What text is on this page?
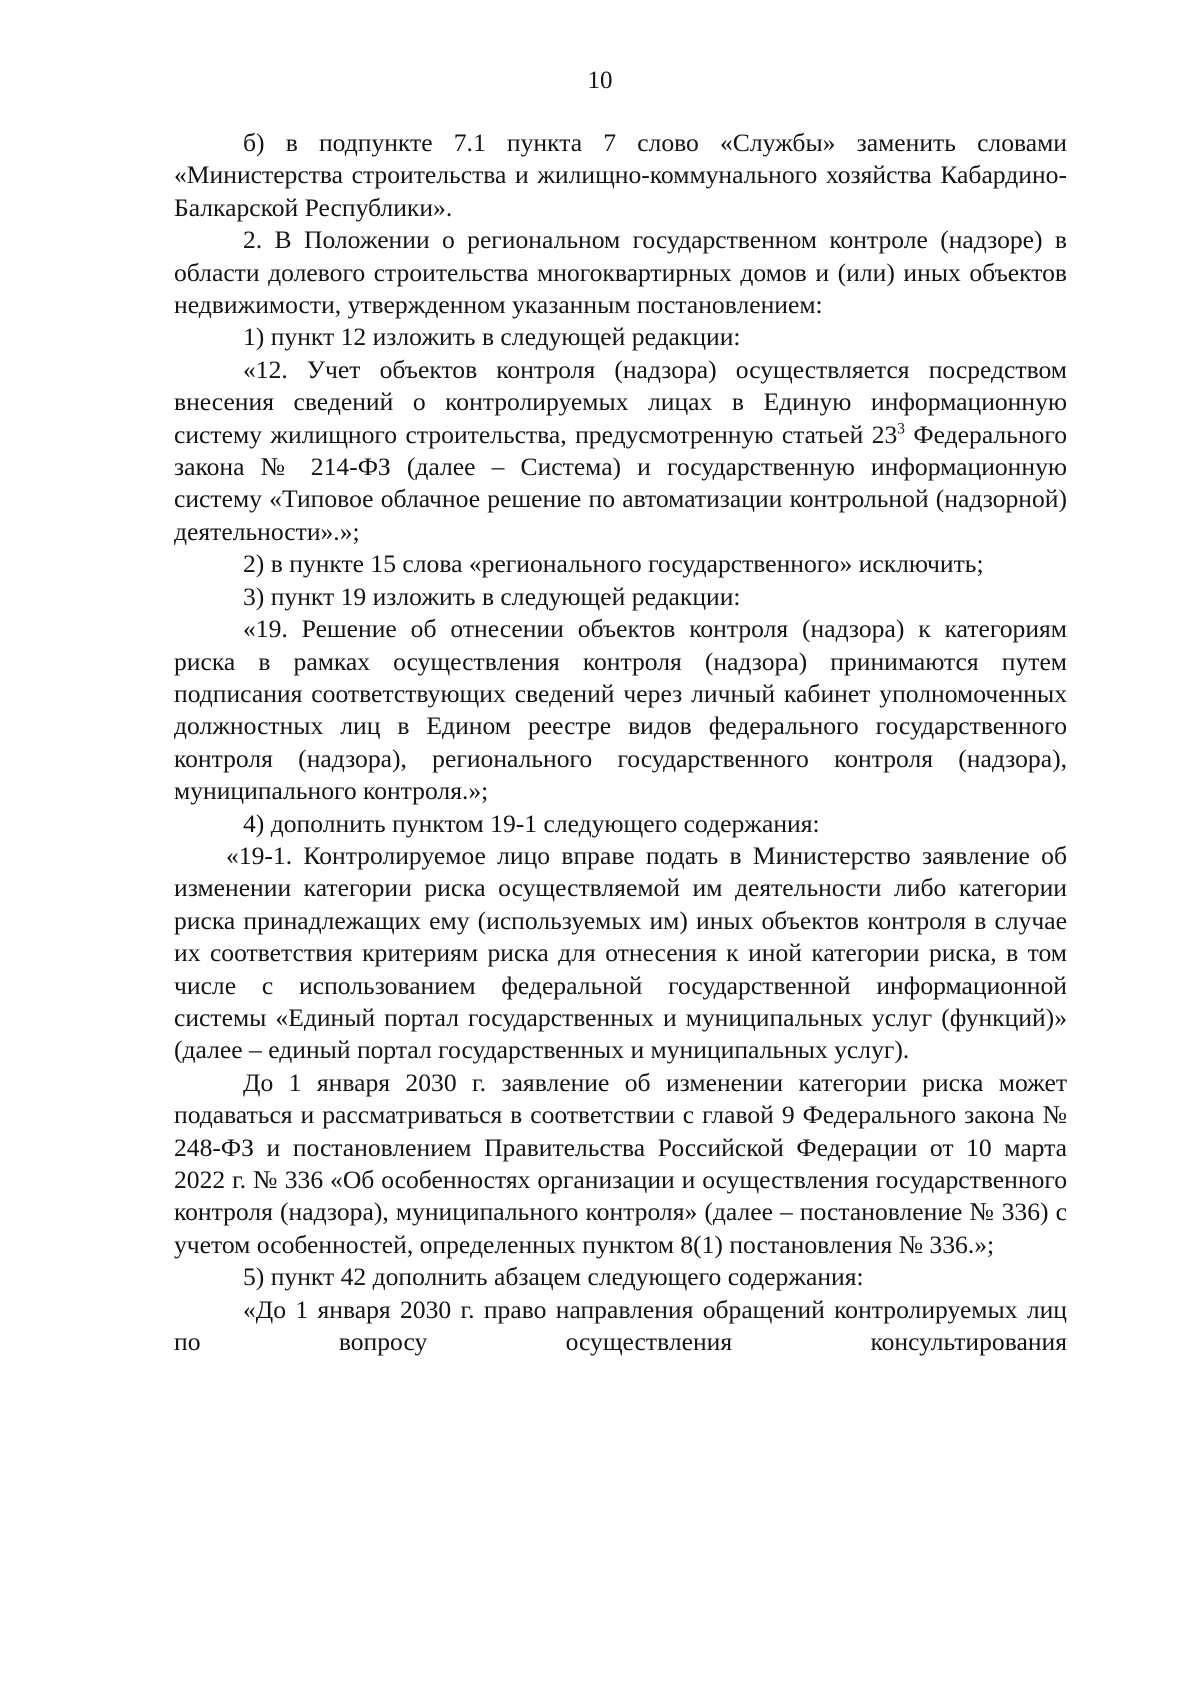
10

б) в подпункте 7.1 пункта 7 слово «Службы» заменить словами «Министерства строительства и жилищно-коммунального хозяйства Кабардино-Балкарской Республики».

2. В Положении о региональном государственном контроле (надзоре) в области долевого строительства многоквартирных домов и (или) иных объектов недвижимости, утвержденном указанным постановлением:

1) пункт 12 изложить в следующей редакции:

«12. Учет объектов контроля (надзора) осуществляется посредством внесения сведений о контролируемых лицах в Единую информационную систему жилищного строительства, предусмотренную статьей $23^3$ Федерального закона № 214-ФЗ (далее – Система) и государственную информационную систему «Типовое облачное решение по автоматизации контрольной (надзорной) деятельности».»;

2) в пункте 15 слова «регионального государственного» исключить;

3) пункт 19 изложить в следующей редакции:

«19. Решение об отнесении объектов контроля (надзора) к категориям риска в рамках осуществления контроля (надзора) принимаются путем подписания соответствующих сведений через личный кабинет уполномоченных должностных лиц в Едином реестре видов федерального государственного контроля (надзора), регионального государственного контроля (надзора), муниципального контроля.»;

4) дополнить пунктом 19-1 следующего содержания:

«19-1. Контролируемое лицо вправе подать в Министерство заявление об изменении категории риска осуществляемой им деятельности либо категории риска принадлежащих ему (используемых им) иных объектов контроля в случае их соответствия критериям риска для отнесения к иной категории риска, в том числе с использованием федеральной государственной информационной системы «Единый портал государственных и муниципальных услуг (функций)» (далее – единый портал государственных и муниципальных услуг).

До 1 января 2030 г. заявление об изменении категории риска может подаваться и рассматриваться в соответствии с главой 9 Федерального закона № 248-ФЗ и постановлением Правительства Российской Федерации от 10 марта 2022 г. № 336 «Об особенностях организации и осуществления государственного контроля (надзора), муниципального контроля» (далее – постановление № 336) с учетом особенностей, определенных пунктом 8(1) постановления № 336.»;

5) пункт 42 дополнить абзацем следующего содержания:

«До 1 января 2030 г. право направления обращений контролируемых лиц по вопросу осуществления консультирования
